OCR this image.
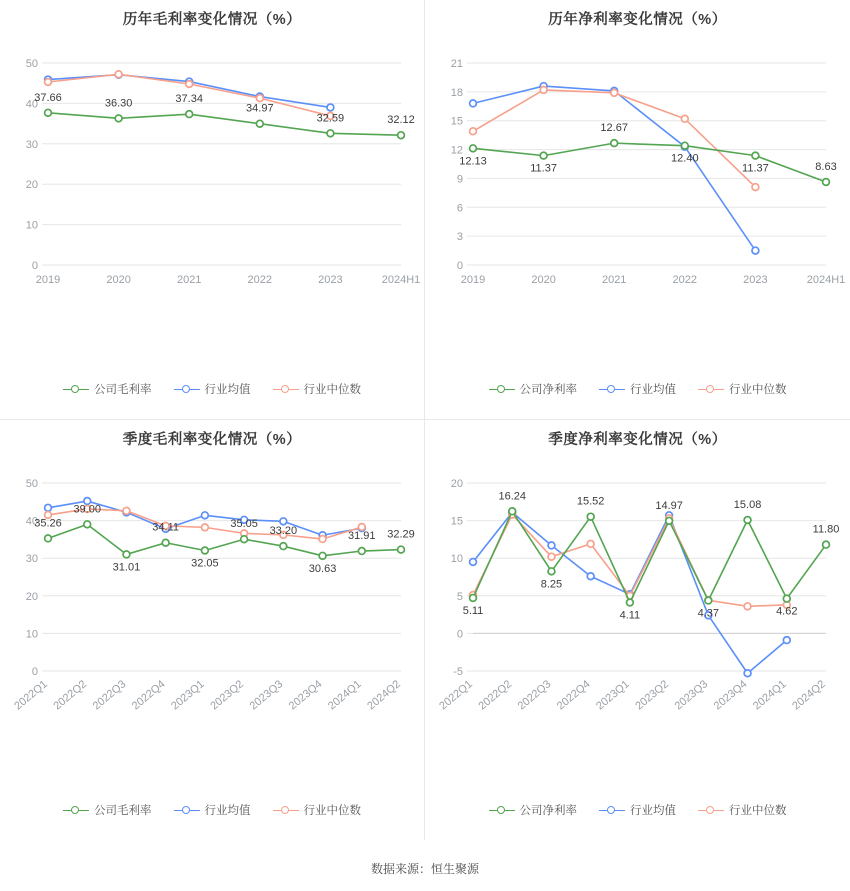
历年毛利率变化情况（%）
0
10
20
30
40
50
2019	2020	2021	2022	2023	2024H1
37.66	36.30	37.34
34.97
32.59	32.12
公司毛利率	行业均值	行业中位数
历年净利率变化情况（%）
0
3
6
9
12
15
18
21
2019	2020	2021	2022	2023	2024H1
12.13
11.37
12.67
12.40
11.37	8.63
公司净利率	行业均值	行业中位数
季度毛利率变化情况（%）
0
10
20
30
40
50
2022Q1 2022Q2 2022Q3 2022Q4 2023Q1 2023Q2 2023Q3 2023Q4 2024Q1 2024Q2
35.26
39.00
31.01
34.11
32.05
35.05
33.20
30.63
31.91 32.29
公司毛利率	行业均值	行业中位数
季度净利率变化情况（%）
-5
0
5
10
15
20
2022Q1 2022Q2 2022Q3 2022Q4 2023Q1 2023Q2 2023Q3 2023Q4 2024Q1 2024Q2
5.11
16.24
8.25
15.52
4.11
14.97
4.37
15.08
4.62
11.80
公司净利率	行业均值	行业中位数
数据来源：恒生聚源
